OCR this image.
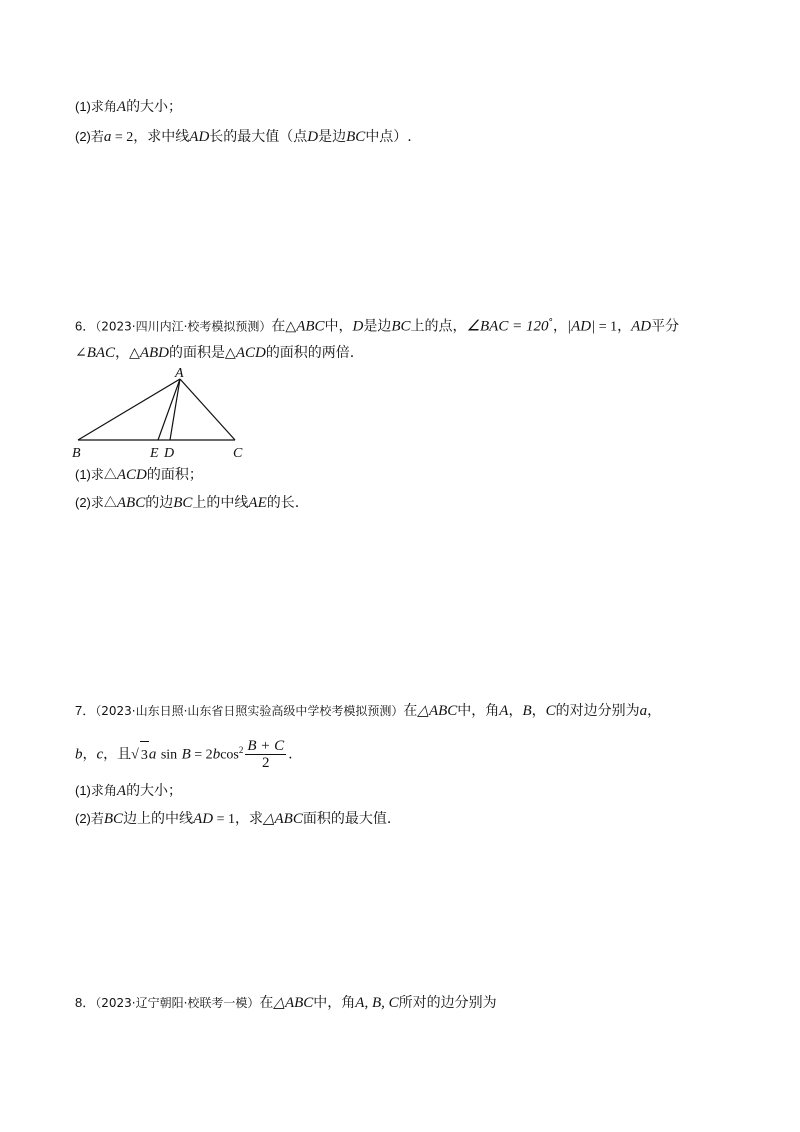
(1)求角A的大小；
(2)若a = 2，求中线AD长的最大值（点D是边BC中点）.
6．（2023·四川内江·校考模拟预测）在△ABC中，D是边BC上的点，∠BAC = 120°，|AD| = 1，AD平分
∠BAC，△ABD的面积是△ACD的面积的两倍.
A
B	E D	C
(1)求△ACD的面积；
(2)求△ABC的边BC上的中线AE的长.
7．（2023·山东日照·山东省日照实验高级中学校考模拟预测）在△ABC中，角A，B，C的对边分别为a，
b，c，且√ 3a $\sin B = 2bcos^2 \frac{B + C}{2}$ .
(1)求角A的大小；
(2)若BC边上的中线AD = 1，求△ABC面积的最大值.
8．（2023·辽宁朝阳·校联考一模）在△ABC中，角A, B, C所对的边分别为
